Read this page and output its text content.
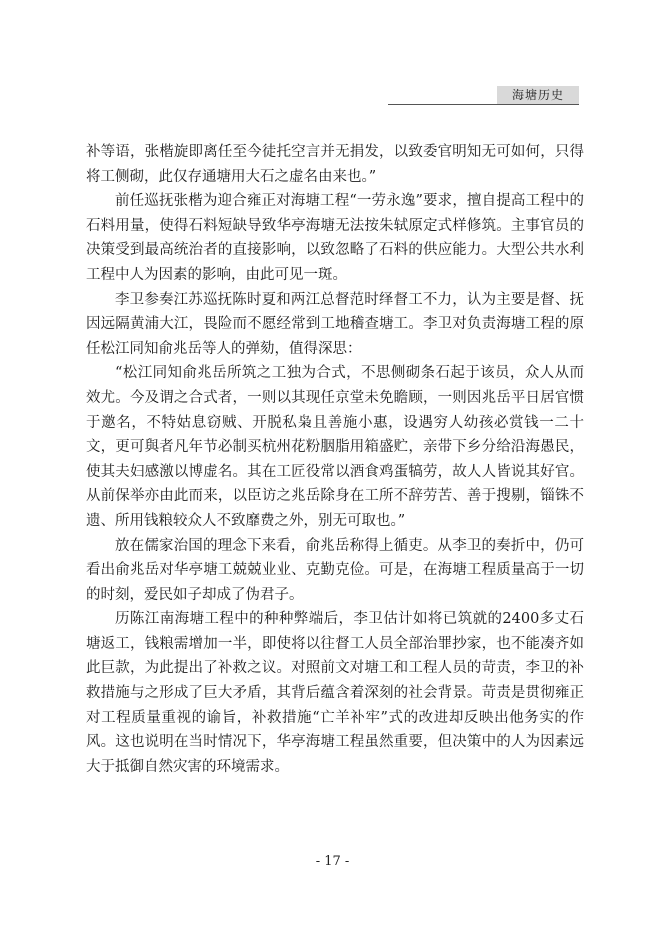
海塘历史

补等语，张楷旋即离任至今徒托空言并无捐发，以致委官明知无可如何，只得将工侧砌，此仅存通塘用大石之虚名由来也。”

前任巡抚张楷为迎合雍正对海塘工程“一劳永逸”要求，擅自提高工程中的石料用量，使得石料短缺导致华亭海塘无法按朱轼原定式样修筑。主事官员的决策受到最高统治者的直接影响，以致忽略了石料的供应能力。大型公共水利工程中人为因素的影响，由此可见一斑。

李卫参奏江苏巡抚陈时夏和两江总督范时绎督工不力，认为主要是督、抚因远隔黄浦大江，畏险而不愿经常到工地稽查塘工。李卫对负责海塘工程的原任松江同知俞兆岳等人的弹劾，值得深思：

“松江同知俞兆岳所筑之工独为合式，不思侧砌条石起于该员，众人从而效尤。今及谓之合式者，一则以其现任京堂未免瞻顾，一则因兆岳平日居官惯于邀名，不特姑息窃贼、开脱私枭且善施小惠，设遇穷人幼孩必赏钱一二十文，更可與者凡年节必制买杭州花粉胭脂用箱盛贮，亲带下乡分给沿海愚民，使其夫妇感激以博虚名。其在工匠役常以酒食鸡蛋犒劳，故人人皆说其好官。从前保举亦由此而来，以臣访之兆岳除身在工所不辞劳苦、善于搜剔，锱铢不遗、所用钱粮较众人不致靡费之外，别无可取也。”

放在儒家治国的理念下来看，俞兆岳称得上循吏。从李卫的奏折中，仍可看出俞兆岳对华亭塘工兢兢业业、克勤克俭。可是，在海塘工程质量高于一切的时刻，爱民如子却成了伪君子。

历陈江南海塘工程中的种种弊端后，李卫估计如将已筑就的2400多丈石塘返工，钱粮需增加一半，即使将以往督工人员全部治罪抄家，也不能凑齐如此巨款，为此提出了补救之议。对照前文对塘工和工程人员的苛责，李卫的补救措施与之形成了巨大矛盾，其背后蕴含着深刻的社会背景。苛责是贯彻雍正对工程质量重视的谕旨，补救措施“亡羊补牢”式的改进却反映出他务实的作风。这也说明在当时情况下，华亭海塘工程虽然重要，但决策中的人为因素远大于抵御自然灾害的环境需求。

- 17 -
